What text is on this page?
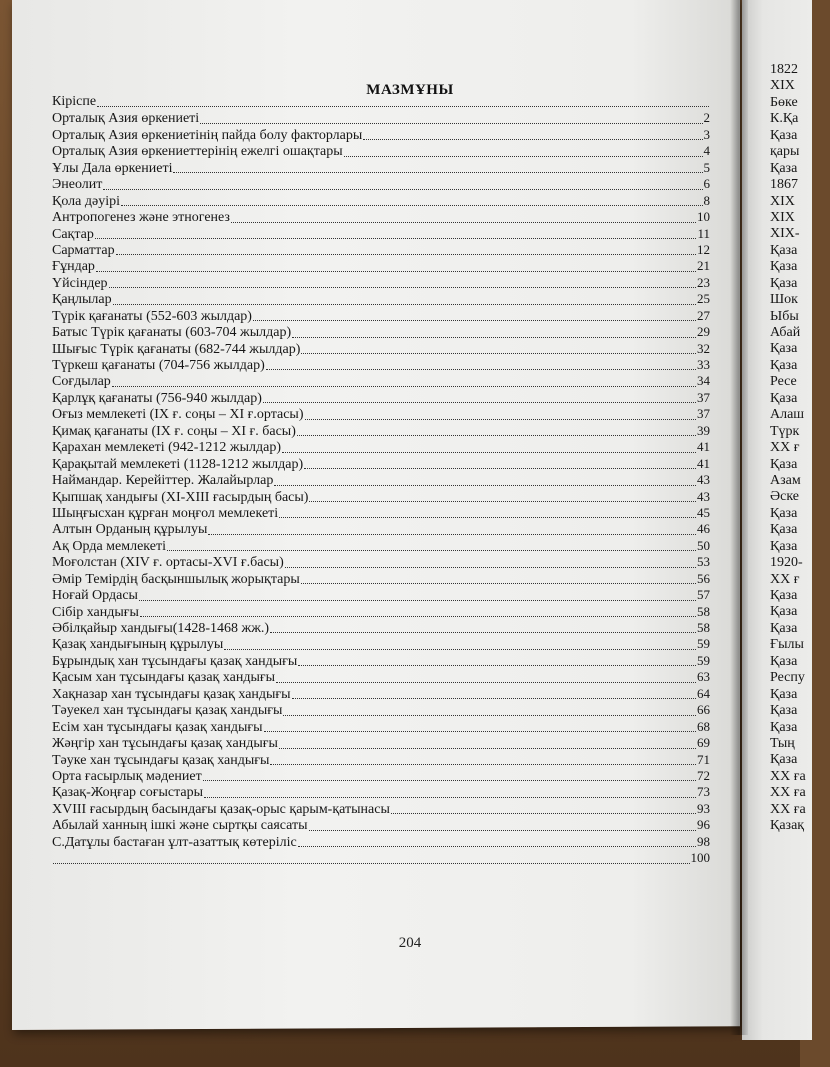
МАЗМҰНЫ
Кіріспе
Орталық Азия өркениеті	2
Орталық Азия өркениетінің пайда болу факторлары	3
Орталық Азия өркениеттерінің ежелгі ошақтары	4
Ұлы Дала өркениеті	5
Энеолит	6
Қола дәуірі	8
Антропогенез және этногенез	10
Сақтар	11
Сарматтар	12
Ғұндар	21
Үйсіндер	23
Қаңлылар	25
Түрік қағанаты (552-603 жылдар)	27
Батыс Түрік қағанаты (603-704 жылдар)	29
Шығыс Түрік қағанаты (682-744 жылдар)	32
Түркеш қағанаты (704-756 жылдар)	33
Соғдылар	34
Қарлұқ қағанаты (756-940 жылдар)	37
Оғыз мемлекеті (IX ғ. соңы – XI ғ.ортасы)	37
Қимақ қағанаты (IX ғ. соңы – XI ғ. басы)	39
Қарахан мемлекеті (942-1212 жылдар)	41
Қарақытай мемлекеті (1128-1212 жылдар)	41
Наймандар. Керейіттер. Жалайырлар	43
Қыпшақ хандығы (XI-XIII ғасырдың басы)	43
Шыңғысхан құрған моңғол мемлекеті	45
Алтын Орданың құрылуы	46
Ақ Орда мемлекеті	50
Моғолстан (XIV ғ. ортасы-XVI ғ.басы)	53
Әмір Темірдің басқыншылық жорықтары	56
Ноғай Ордасы	57
Сібір хандығы	58
Әбілқайыр хандығы(1428-1468 жж.)	58
Қазақ хандығының құрылуы	59
Бұрындық хан тұсындағы қазақ хандығы	59
Қасым хан тұсындағы қазақ хандығы	63
Хақназар хан тұсындағы қазақ хандығы	64
Тәуекел хан тұсындағы қазақ хандығы	66
Есім хан тұсындағы қазақ хандығы	68
Жәңгір хан тұсындағы қазақ хандығы	69
Тәуке хан тұсындағы қазақ хандығы	71
Орта ғасырлық мәдениет	72
Қазақ-Жоңғар соғыстары	73
XVIII ғасырдың басындағы қазақ-орыс қарым-қатынасы	93
Абылай ханның ішкі және сыртқы саясаты	96
С.Датұлы бастаған ұлт-азаттық көтеріліс	98
100
204
1822
XIX
Бөке
К.Қа
Қаза
қары
Қаза
1867
XIX
XIX
XIX-
Қаза
Қаза
Қаза
Шок
Ыбы
Абай
Қаза
Қаза
Ресе
Қаза
Алаш
Түрк
XX ғ
Қаза
Азам
Әске
Қаза
Қаза
Қаза
1920-
XX ғ
Қаза
Қаза
Қаза
Ғылы
Қаза
Респу
Қаза
Қаза
Қаза
Тың
Қаза
XX ға
XX ға
XX ға
Қазақ
